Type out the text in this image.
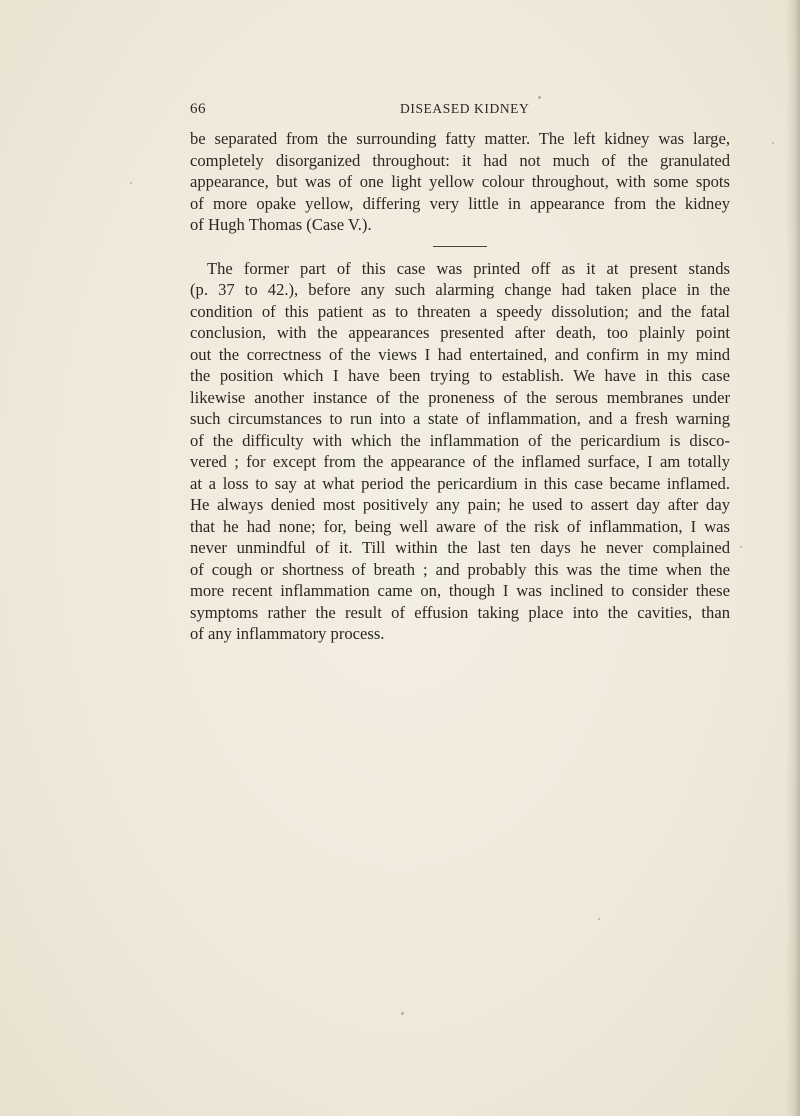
66	DISEASED KIDNEY
be separated from the surrounding fatty matter. The left kidney was large,
completely disorganized throughout: it had not much of the granulated
appearance, but was of one light yellow colour throughout, with some spots
of more opake yellow, differing very little in appearance from the kidney
of Hugh Thomas (Case V.).
The former part of this case was printed off as it at present stands
(p. 37 to 42.), before any such alarming change had taken place in the
condition of this patient as to threaten a speedy dissolution; and the fatal
conclusion, with the appearances presented after death, too plainly point
out the correctness of the views I had entertained, and confirm in my mind
the position which I have been trying to establish. We have in this case
likewise another instance of the proneness of the serous membranes under
such circumstances to run into a state of inflammation, and a fresh warning
of the difficulty with which the inflammation of the pericardium is disco-
vered ; for except from the appearance of the inflamed surface, I am totally
at a loss to say at what period the pericardium in this case became inflamed.
He always denied most positively any pain; he used to assert day after day
that he had none; for, being well aware of the risk of inflammation, I was
never unmindful of it. Till within the last ten days he never complained
of cough or shortness of breath ; and probably this was the time when the
more recent inflammation came on, though I was inclined to consider these
symptoms rather the result of effusion taking place into the cavities, than
of any inflammatory process.
